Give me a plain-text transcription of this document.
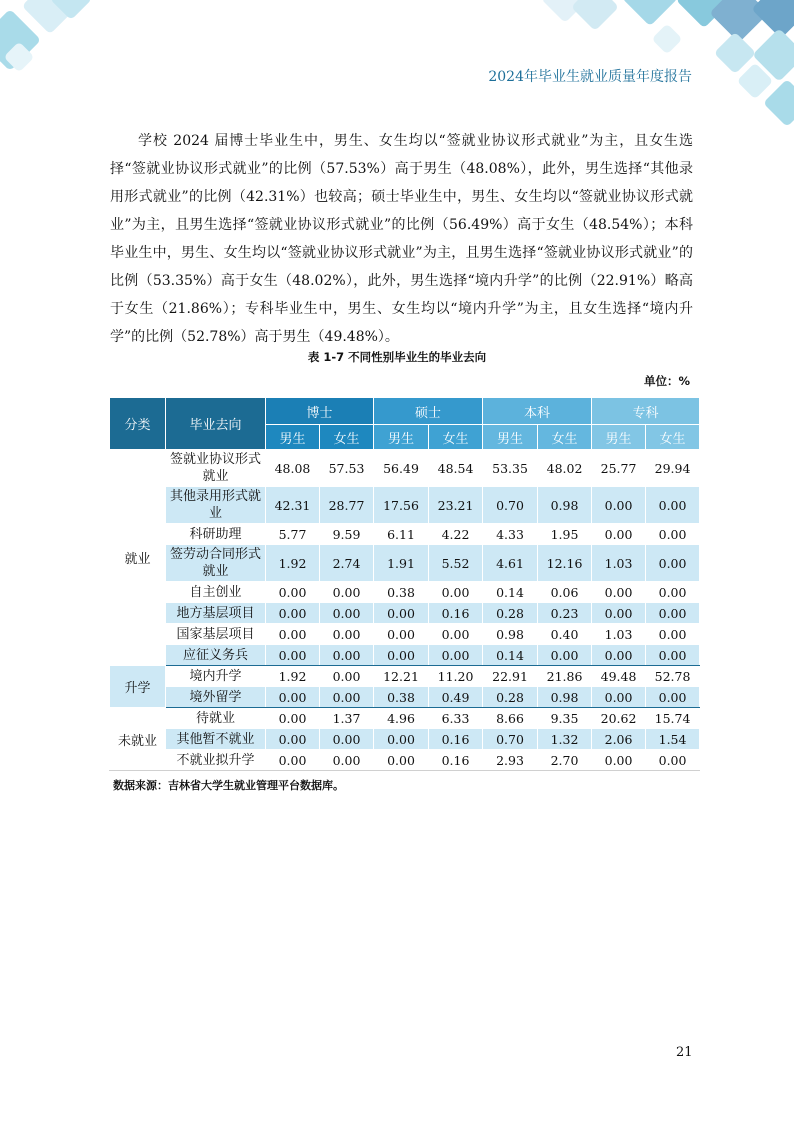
2024年毕业生就业质量年度报告

学校 2024 届博士毕业生中，男生、女生均以“签就业协议形式就业”为主，且女生选择“签就业协议形式就业”的比例（57.53%）高于男生（48.08%），此外，男生选择“其他录用形式就业”的比例（42.31%）也较高；硕士毕业生中，男生、女生均以“签就业协议形式就业”为主，且男生选择“签就业协议形式就业”的比例（56.49%）高于女生（48.54%）；本科毕业生中，男生、女生均以“签就业协议形式就业”为主，且男生选择“签就业协议形式就业”的比例（53.35%）高于女生（48.02%），此外，男生选择“境内升学”的比例（22.91%）略高于女生（21.86%）；专科毕业生中，男生、女生均以“境内升学”为主，且女生选择“境内升学”的比例（52.78%）高于男生（49.48%）。

表 1-7 不同性别毕业生的毕业去向
单位：%
分类	毕业去向	博士		硕士		本科		专科	
		男生	女生	男生	女生	男生	女生	男生	女生
就业	签就业协议形式就业	48.08	57.53	56.49	48.54	53.35	48.02	25.77	29.94
	其他录用形式就业	42.31	28.77	17.56	23.21	0.70	0.98	0.00	0.00
	科研助理	5.77	9.59	6.11	4.22	4.33	1.95	0.00	0.00
	签劳动合同形式就业	1.92	2.74	1.91	5.52	4.61	12.16	1.03	0.00
	自主创业	0.00	0.00	0.38	0.00	0.14	0.06	0.00	0.00
	地方基层项目	0.00	0.00	0.00	0.16	0.28	0.23	0.00	0.00
	国家基层项目	0.00	0.00	0.00	0.00	0.98	0.40	1.03	0.00
	应征义务兵	0.00	0.00	0.00	0.00	0.14	0.00	0.00	0.00
升学	境内升学	1.92	0.00	12.21	11.20	22.91	21.86	49.48	52.78
	境外留学	0.00	0.00	0.38	0.49	0.28	0.98	0.00	0.00
未就业	待就业	0.00	1.37	4.96	6.33	8.66	9.35	20.62	15.74
	其他暂不就业	0.00	0.00	0.00	0.16	0.70	1.32	2.06	1.54
	不就业拟升学	0.00	0.00	0.00	0.16	2.93	2.70	0.00	0.00
数据来源：吉林省大学生就业管理平台数据库。
21
